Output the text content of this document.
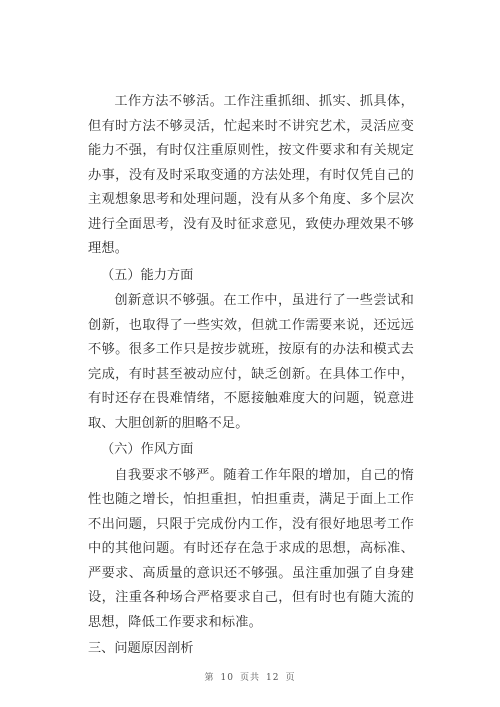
工作方法不够活。工作注重抓细、抓实、抓具体，但有时方法不够灵活，忙起来时不讲究艺术，灵活应变能力不强，有时仅注重原则性，按文件要求和有关规定办事，没有及时采取变通的方法处理，有时仅凭自己的主观想象思考和处理问题，没有从多个角度、多个层次进行全面思考，没有及时征求意见，致使办理效果不够理想。

（五）能力方面

创新意识不够强。在工作中，虽进行了一些尝试和创新，也取得了一些实效，但就工作需要来说，还远远不够。很多工作只是按步就班，按原有的办法和模式去完成，有时甚至被动应付，缺乏创新。在具体工作中，有时还存在畏难情绪，不愿接触难度大的问题，锐意进取、大胆创新的胆略不足。

（六）作风方面

自我要求不够严。随着工作年限的增加，自己的惰性也随之增长，怕担重担，怕担重责，满足于面上工作不出问题，只限于完成份内工作，没有很好地思考工作中的其他问题。有时还存在急于求成的思想，高标准、严要求、高质量的意识还不够强。虽注重加强了自身建设，注重各种场合严格要求自己，但有时也有随大流的思想，降低工作要求和标准。

三、问题原因剖析

第 10 页共 12 页
